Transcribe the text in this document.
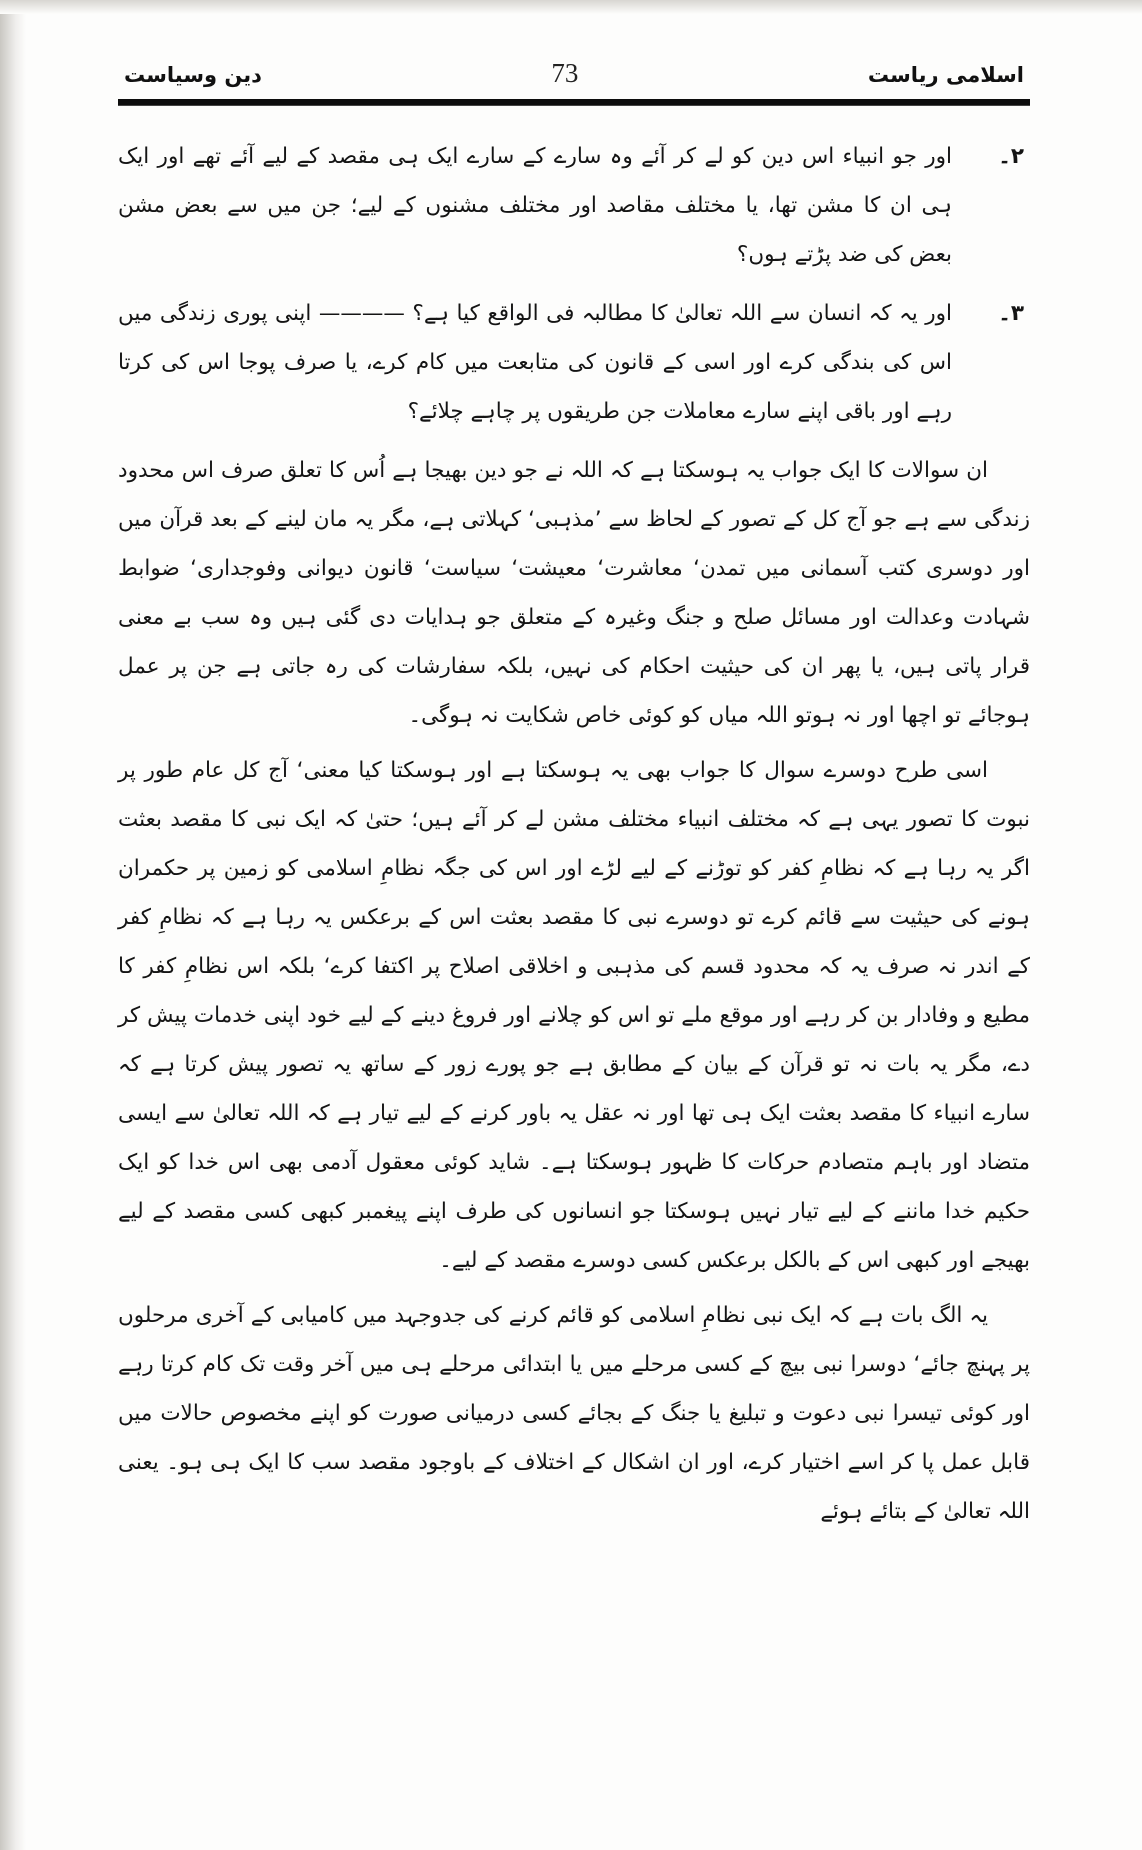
اسلامی ریاست
73
دین وسیاست
۲۔
اور جو انبیاء اس دین کو لے کر آئے وہ سارے کے سارے ایک ہی مقصد کے لیے آئے تھے اور ایک ہی ان کا مشن تھا، یا مختلف مقاصد اور مختلف مشنوں کے لیے؛ جن میں سے بعض مشن بعض کی ضد پڑتے ہوں؟
۳۔
اور یہ کہ انسان سے اللہ تعالیٰ کا مطالبہ فی الواقع کیا ہے؟ ———— اپنی پوری زندگی میں اس کی بندگی کرے اور اسی کے قانون کی متابعت میں کام کرے، یا صرف پوجا اس کی کرتا رہے اور باقی اپنے سارے معاملات جن طریقوں پر چاہے چلائے؟

ان سوالات کا ایک جواب یہ ہوسکتا ہے کہ اللہ نے جو دین بھیجا ہے اُس کا تعلق صرف اس محدود زندگی سے ہے جو آج کل کے تصور کے لحاظ سے ’مذہبی‘ کہلاتی ہے، مگر یہ مان لینے کے بعد قرآن میں اور دوسری کتب آسمانی میں تمدن‘ معاشرت‘ معیشت‘ سیاست‘ قانون دیوانی وفوجداری‘ ضوابط شہادت وعدالت اور مسائل صلح و جنگ وغیرہ کے متعلق جو ہدایات دی گئی ہیں وہ سب بے معنی قرار پاتی ہیں، یا پھر ان کی حیثیت احکام کی نہیں، بلکہ سفارشات کی رہ جاتی ہے جن پر عمل ہوجائے تو اچھا اور نہ ہوتو اللہ میاں کو کوئی خاص شکایت نہ ہوگی۔

اسی طرح دوسرے سوال کا جواب بھی یہ ہوسکتا ہے اور ہوسکتا کیا معنی‘ آج کل عام طور پر نبوت کا تصور یہی ہے کہ مختلف انبیاء مختلف مشن لے کر آئے ہیں؛ حتیٰ کہ ایک نبی کا مقصد بعثت اگر یہ رہا ہے کہ نظامِ کفر کو توڑنے کے لیے لڑے اور اس کی جگہ نظامِ اسلامی کو زمین پر حکمران ہونے کی حیثیت سے قائم کرے تو دوسرے نبی کا مقصد بعثت اس کے برعکس یہ رہا ہے کہ نظامِ کفر کے اندر نہ صرف یہ کہ محدود قسم کی مذہبی و اخلاقی اصلاح پر اکتفا کرے‘ بلکہ اس نظامِ کفر کا مطیع و وفادار بن کر رہے اور موقع ملے تو اس کو چلانے اور فروغ دینے کے لیے خود اپنی خدمات پیش کر دے، مگر یہ بات نہ تو قرآن کے بیان کے مطابق ہے جو پورے زور کے ساتھ یہ تصور پیش کرتا ہے کہ سارے انبیاء کا مقصد بعثت ایک ہی تھا اور نہ عقل یہ باور کرنے کے لیے تیار ہے کہ اللہ تعالیٰ سے ایسی متضاد اور باہم متصادم حرکات کا ظہور ہوسکتا ہے۔ شاید کوئی معقول آدمی بھی اس خدا کو ایک حکیم خدا ماننے کے لیے تیار نہیں ہوسکتا جو انسانوں کی طرف اپنے پیغمبر کبھی کسی مقصد کے لیے بھیجے اور کبھی اس کے بالکل برعکس کسی دوسرے مقصد کے لیے۔

یہ الگ بات ہے کہ ایک نبی نظامِ اسلامی کو قائم کرنے کی جدوجہد میں کامیابی کے آخری مرحلوں پر پہنچ جائے‘ دوسرا نبی بیچ کے کسی مرحلے میں یا ابتدائی مرحلے ہی میں آخر وقت تک کام کرتا رہے اور کوئی تیسرا نبی دعوت و تبلیغ یا جنگ کے بجائے کسی درمیانی صورت کو اپنے مخصوص حالات میں قابل عمل پا کر اسے اختیار کرے، اور ان اشکال کے اختلاف کے باوجود مقصد سب کا ایک ہی ہو۔ یعنی اللہ تعالیٰ کے بتائے ہوئے
